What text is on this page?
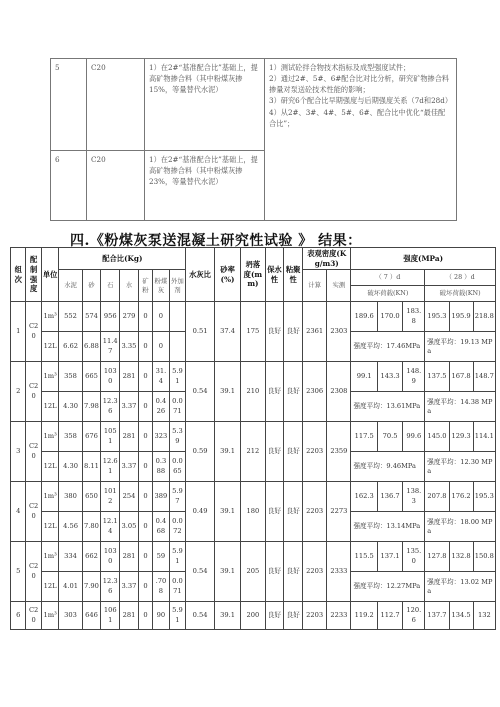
5	C20	1）在2#“基准配合比”基础上，提高矿物掺合料（其中粉煤灰掺15%，等量替代水泥）	1）测试砼拌合物技术指标及成型强度试件；
2）通过2#、5#、6#配合比对比分析，研究矿物掺合料掺量对泵送砼技术性能的影响；
3）研究6个配合比早期强度与后期强度关系（7d和28d）
4）从2#、3#、4#、5#、6#、配合比中优化“最佳配合比”；
6	C20	1）在2#“基准配合比”基础上，提高矿物掺合料（其中粉煤灰掺23%，等量替代水泥）	
四.《粉煤灰泵送混凝土研究性试验 》 结果：
组次	配制强度	单位	配合比(Kg)							水灰比	砂率(%)	坍落度(mm)	保水性	粘聚性	表观密度(Kg/m3)		强度(MPa)					
			水泥	砂	石	水	矿粉	粉煤灰	外加剂						计算	实测	（ 7 ）d			（ 28 ）d		
																	破坏荷载(KN)			破坏荷载(KN)		
1	C20	1m³	552	574	956	279	0	0		0.51	37.4	175	良好	良好	2361	2303	189.6	170.0	183.8	195.3	195.9	218.8
		12L	6.62	6.88	11.47	3.35	0	0									强度平均：17.46MPa			强度平均：19.13 MPa		
2	C20	1m³	358	665	1030	281	0	31.4	5.91	0.54	39.1	210	良好	良好	2306	2308	99.1	143.3	148.9	137.5	167.8	148.7
		12L	4.30	7.98	12.36	3.37	0	0.426	0.071								强度平均：13.61MPa			强度平均：14.38 MPa		
3	C20	1m³	358	676	1051	281	0	323	5.39	0.59	39.1	212	良好	良好	2203	2359	117.5	70.5	99.6	145.0	129.3	114.1
		12L	4.30	8.11	12.61	3.37	0	0.388	0.065								强度平均：9.46MPa			强度平均：12.30 MPa		
4	C20	1m³	380	650	1012	254	0	389	5.97	0.49	39.1	180	良好	良好	2203	2273	162.3	136.7	138.3	207.8	176.2	195.3
		12L	4.56	7.80	12.14	3.05	0	0.468	0.072								强度平均：13.14MPa			强度平均：18.00 MPa		
5	C20	1m³	334	662	1030	281	0	59	5.91	0.54	39.1	205	良好	良好	2203	2333	115.5	137.1	135.0	127.8	132.8	150.8
		12L	4.01	7.90	12.36	3.37	0	.708	0.071								强度平均：12.27MPa			强度平均：13.02 MPa		
6	C20	1m³	303	646	1061	281	0	90	5.91	0.54	39.1	200	良好	良好	2203	2233	119.2	112.7	120.6	137.7	134.5	132
